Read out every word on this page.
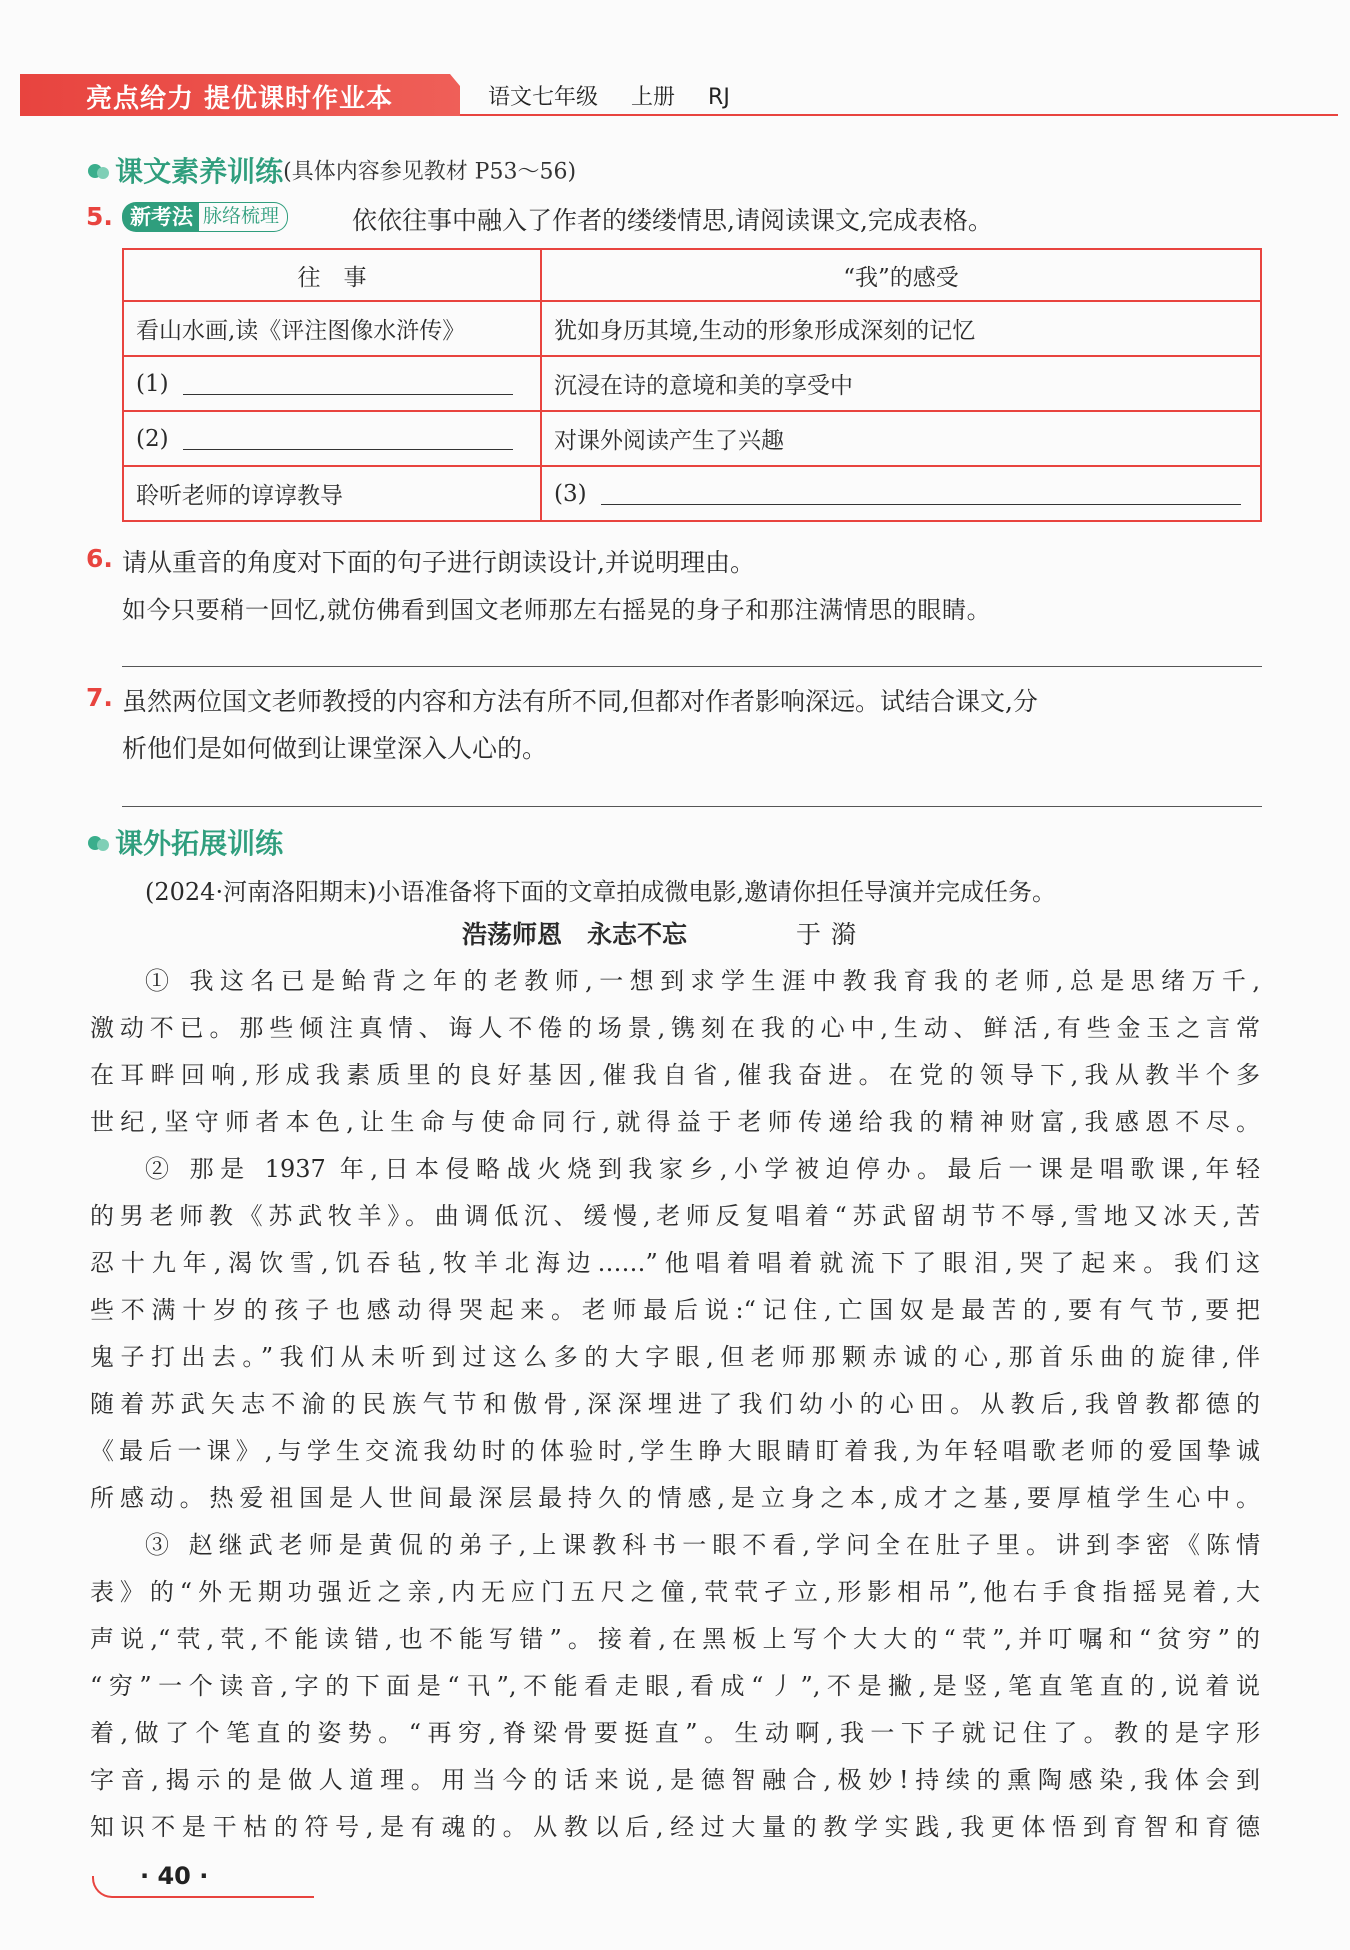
亮点给力 提优课时作业本	语文七年级 上册 RJ
课文素养训练(具体内容参见教材 P53～56)
5. 新考法 脉络梳理	依依往事中融入了作者的缕缕情思,请阅读课文,完成表格。
往　事	“我”的感受
看山水画,读《评注图像水浒传》	犹如身历其境,生动的形象形成深刻的记忆
(1)	沉浸在诗的意境和美的享受中
(2)	对课外阅读产生了兴趣
聆听老师的谆谆教导	(3)
6. 请从重音的角度对下面的句子进行朗读设计,并说明理由。
如今只要稍一回忆,就仿佛看到国文老师那左右摇晃的身子和那注满情思的眼睛。
7. 虽然两位国文老师教授的内容和方法有所不同,但都对作者影响深远。试结合课文,分
析他们是如何做到让课堂深入人心的。
课外拓展训练
(2024·河南洛阳期末)小语准备将下面的文章拍成微电影,邀请你担任导演并完成任务。
浩荡师恩　永志不忘	于漪
① 我这名已是鲐背之年的老教师,一想到求学生涯中教我育我的老师,总是思绪万千,
激动不已。那些倾注真情、诲人不倦的场景,镌刻在我的心中,生动、鲜活,有些金玉之言常
在耳畔回响,形成我素质里的良好基因,催我自省,催我奋进。在党的领导下,我从教半个多
世纪,坚守师者本色,让生命与使命同行,就得益于老师传递给我的精神财富,我感恩不尽。
② 那是 1937 年,日本侵略战火烧到我家乡,小学被迫停办。最后一课是唱歌课,年轻
的男老师教《苏武牧羊》。曲调低沉、缓慢,老师反复唱着“苏武留胡节不辱,雪地又冰天,苦
忍十九年,渴饮雪,饥吞毡,牧羊北海边……”他唱着唱着就流下了眼泪,哭了起来。我们这
些不满十岁的孩子也感动得哭起来。老师最后说:“记住,亡国奴是最苦的,要有气节,要把
鬼子打出去。”我们从未听到过这么多的大字眼,但老师那颗赤诚的心,那首乐曲的旋律,伴
随着苏武矢志不渝的民族气节和傲骨,深深埋进了我们幼小的心田。从教后,我曾教都德的
《最后一课》,与学生交流我幼时的体验时,学生睁大眼睛盯着我,为年轻唱歌老师的爱国挚诚
所感动。热爱祖国是人世间最深层最持久的情感,是立身之本,成才之基,要厚植学生心中。
③ 赵继武老师是黄侃的弟子,上课教科书一眼不看,学问全在肚子里。讲到李密《陈情
表》的“外无期功强近之亲,内无应门五尺之僮,茕茕孑立,形影相吊”,他右手食指摇晃着,大
声说,“茕,茕,不能读错,也不能写错”。接着,在黑板上写个大大的“茕”,并叮嘱和“贫穷”的
“穷”一个读音,字的下面是“卂”,不能看走眼,看成“丿”,不是撇,是竖,笔直笔直的,说着说
着,做了个笔直的姿势。“再穷,脊梁骨要挺直”。生动啊,我一下子就记住了。教的是字形
字音,揭示的是做人道理。用当今的话来说,是德智融合,极妙!持续的熏陶感染,我体会到
知识不是干枯的符号,是有魂的。从教以后,经过大量的教学实践,我更体悟到育智和育德
· 40 ·
